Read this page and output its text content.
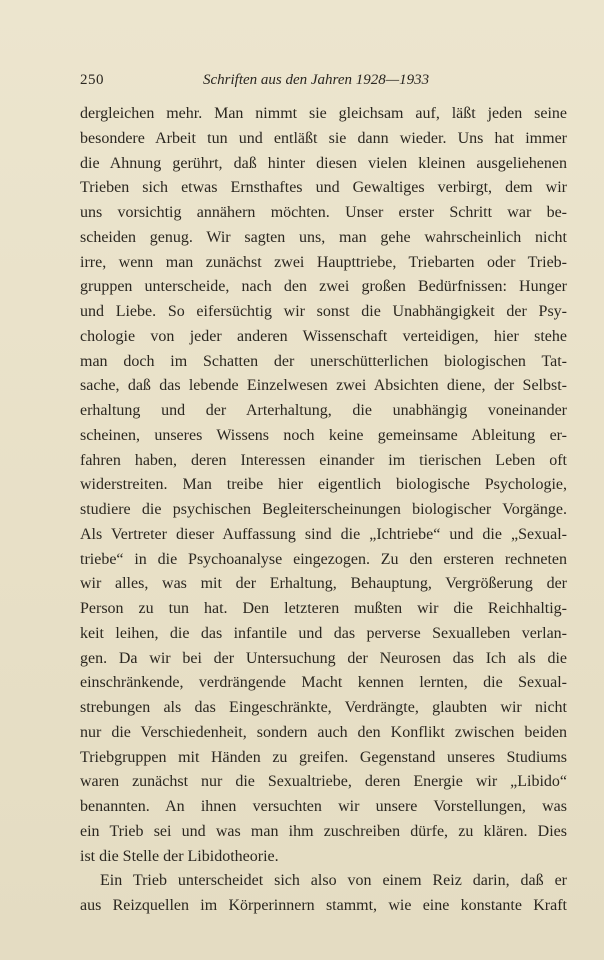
250	Schriften aus den Jahren 1928—1933
dergleichen mehr. Man nimmt sie gleichsam auf, läßt jeden seine
besondere Arbeit tun und entläßt sie dann wieder. Uns hat immer
die Ahnung gerührt, daß hinter diesen vielen kleinen ausgeliehenen
Trieben sich etwas Ernsthaftes und Gewaltiges verbirgt, dem wir
uns vorsichtig annähern möchten. Unser erster Schritt war be-
scheiden genug. Wir sagten uns, man gehe wahrscheinlich nicht
irre, wenn man zunächst zwei Haupttriebe, Triebarten oder Trieb-
gruppen unterscheide, nach den zwei großen Bedürfnissen: Hunger
und Liebe. So eifersüchtig wir sonst die Unabhängigkeit der Psy-
chologie von jeder anderen Wissenschaft verteidigen, hier stehe
man doch im Schatten der unerschütterlichen biologischen Tat-
sache, daß das lebende Einzelwesen zwei Absichten diene, der Selbst-
erhaltung und der Arterhaltung, die unabhängig voneinander
scheinen, unseres Wissens noch keine gemeinsame Ableitung er-
fahren haben, deren Interessen einander im tierischen Leben oft
widerstreiten. Man treibe hier eigentlich biologische Psychologie,
studiere die psychischen Begleiterscheinungen biologischer Vorgänge.
Als Vertreter dieser Auffassung sind die „Ichtriebe“ und die „Sexual-
triebe“ in die Psychoanalyse eingezogen. Zu den ersteren rechneten
wir alles, was mit der Erhaltung, Behauptung, Vergrößerung der
Person zu tun hat. Den letzteren mußten wir die Reichhaltig-
keit leihen, die das infantile und das perverse Sexualleben verlan-
gen. Da wir bei der Untersuchung der Neurosen das Ich als die
einschränkende, verdrängende Macht kennen lernten, die Sexual-
strebungen als das Eingeschränkte, Verdrängte, glaubten wir nicht
nur die Verschiedenheit, sondern auch den Konflikt zwischen beiden
Triebgruppen mit Händen zu greifen. Gegenstand unseres Studiums
waren zunächst nur die Sexualtriebe, deren Energie wir „Libido“
benannten. An ihnen versuchten wir unsere Vorstellungen, was
ein Trieb sei und was man ihm zuschreiben dürfe, zu klären. Dies
ist die Stelle der Libidotheorie.
Ein Trieb unterscheidet sich also von einem Reiz darin, daß er
aus Reizquellen im Körperinnern stammt, wie eine konstante Kraft
